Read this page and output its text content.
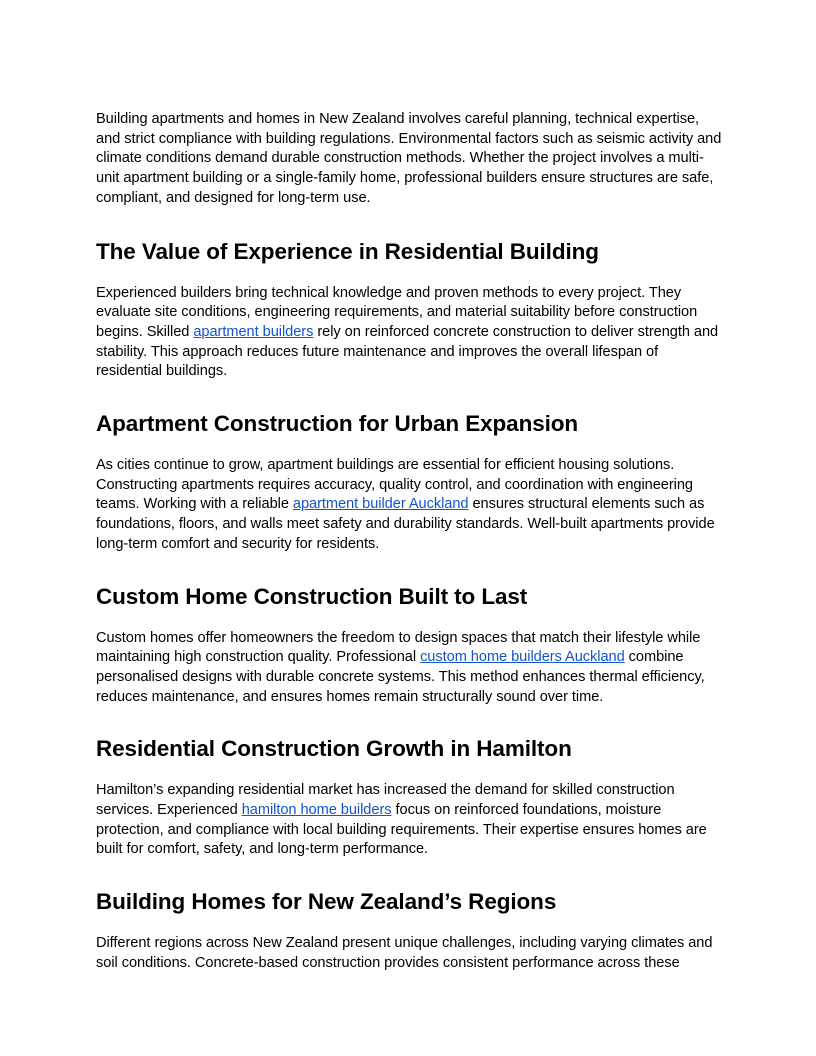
Building apartments and homes in New Zealand involves careful planning, technical expertise, and strict compliance with building regulations. Environmental factors such as seismic activity and climate conditions demand durable construction methods. Whether the project involves a multi-unit apartment building or a single-family home, professional builders ensure structures are safe, compliant, and designed for long-term use.

The Value of Experience in Residential Building

Experienced builders bring technical knowledge and proven methods to every project. They evaluate site conditions, engineering requirements, and material suitability before construction begins. Skilled apartment builders rely on reinforced concrete construction to deliver strength and stability. This approach reduces future maintenance and improves the overall lifespan of residential buildings.

Apartment Construction for Urban Expansion

As cities continue to grow, apartment buildings are essential for efficient housing solutions. Constructing apartments requires accuracy, quality control, and coordination with engineering teams. Working with a reliable apartment builder Auckland ensures structural elements such as foundations, floors, and walls meet safety and durability standards. Well-built apartments provide long-term comfort and security for residents.

Custom Home Construction Built to Last

Custom homes offer homeowners the freedom to design spaces that match their lifestyle while maintaining high construction quality. Professional custom home builders Auckland combine personalised designs with durable concrete systems. This method enhances thermal efficiency, reduces maintenance, and ensures homes remain structurally sound over time.

Residential Construction Growth in Hamilton

Hamilton’s expanding residential market has increased the demand for skilled construction services. Experienced hamilton home builders focus on reinforced foundations, moisture protection, and compliance with local building requirements. Their expertise ensures homes are built for comfort, safety, and long-term performance.

Building Homes for New Zealand’s Regions

Different regions across New Zealand present unique challenges, including varying climates and soil conditions. Concrete-based construction provides consistent performance across these
